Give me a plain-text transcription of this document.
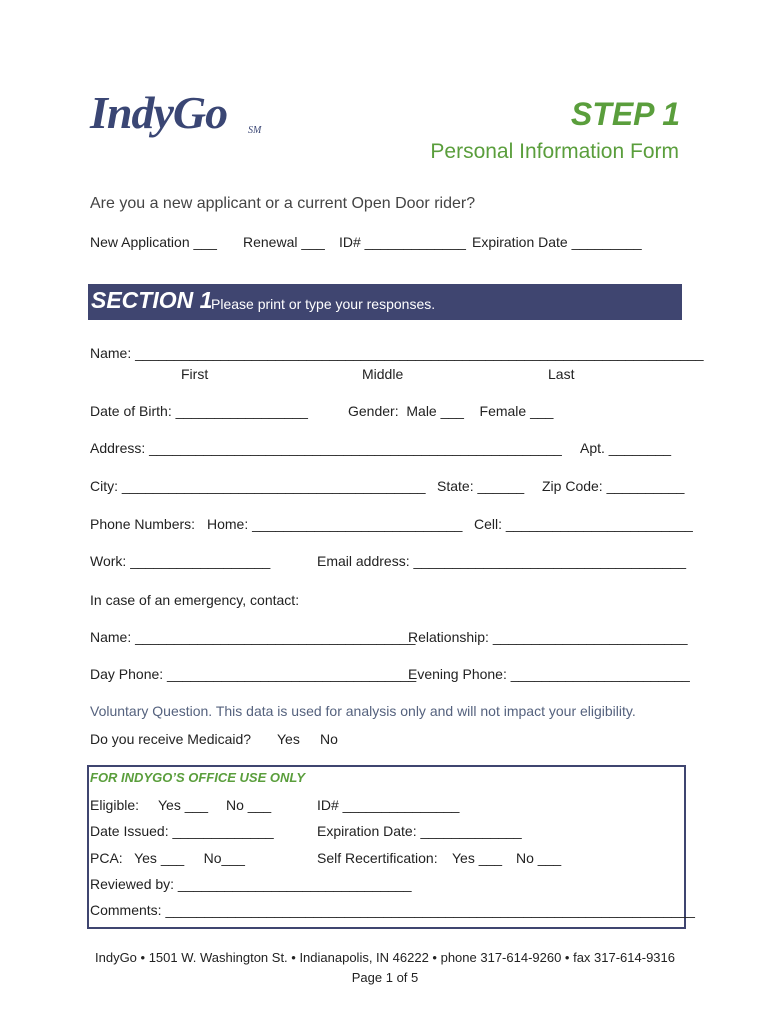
IndyGo SM	STEP 1
Personal Information Form
Are you a new applicant or a current Open Door rider?
New Application ___ Renewal ___ ID# _____________ Expiration Date _________
SECTION 1
Please print or type your responses.
Name: _________________________________________________________________________
First	Middle	Last
Date of Birth: _________________	Gender:  Male ___    Female ___
Address: _____________________________________________________ Apt. ________
City: _______________________________________ State: ______ Zip Code: __________
Phone Numbers: Home: ___________________________ Cell: ________________________
Work: __________________	Email address: ___________________________________
In case of an emergency, contact:
Name: ____________________________________
Relationship: _________________________
Day Phone: ________________________________
Evening Phone: _______________________
Voluntary Question. This data is used for analysis only and will not impact your eligibility.
Do you receive Medicaid? Yes No
FOR INDYGO’S OFFICE USE ONLY
Eligible: Yes ___ No ___	ID# _______________
Date Issued: _____________	Expiration Date: _____________
PCA:   Yes ___     No___	Self Recertification: Yes ___ No ___
Reviewed by: ______________________________
Comments: ____________________________________________________________________
IndyGo • 1501 W. Washington St. • Indianapolis, IN 46222 • phone 317-614-9260 • fax 317-614-9316
Page 1 of 5
